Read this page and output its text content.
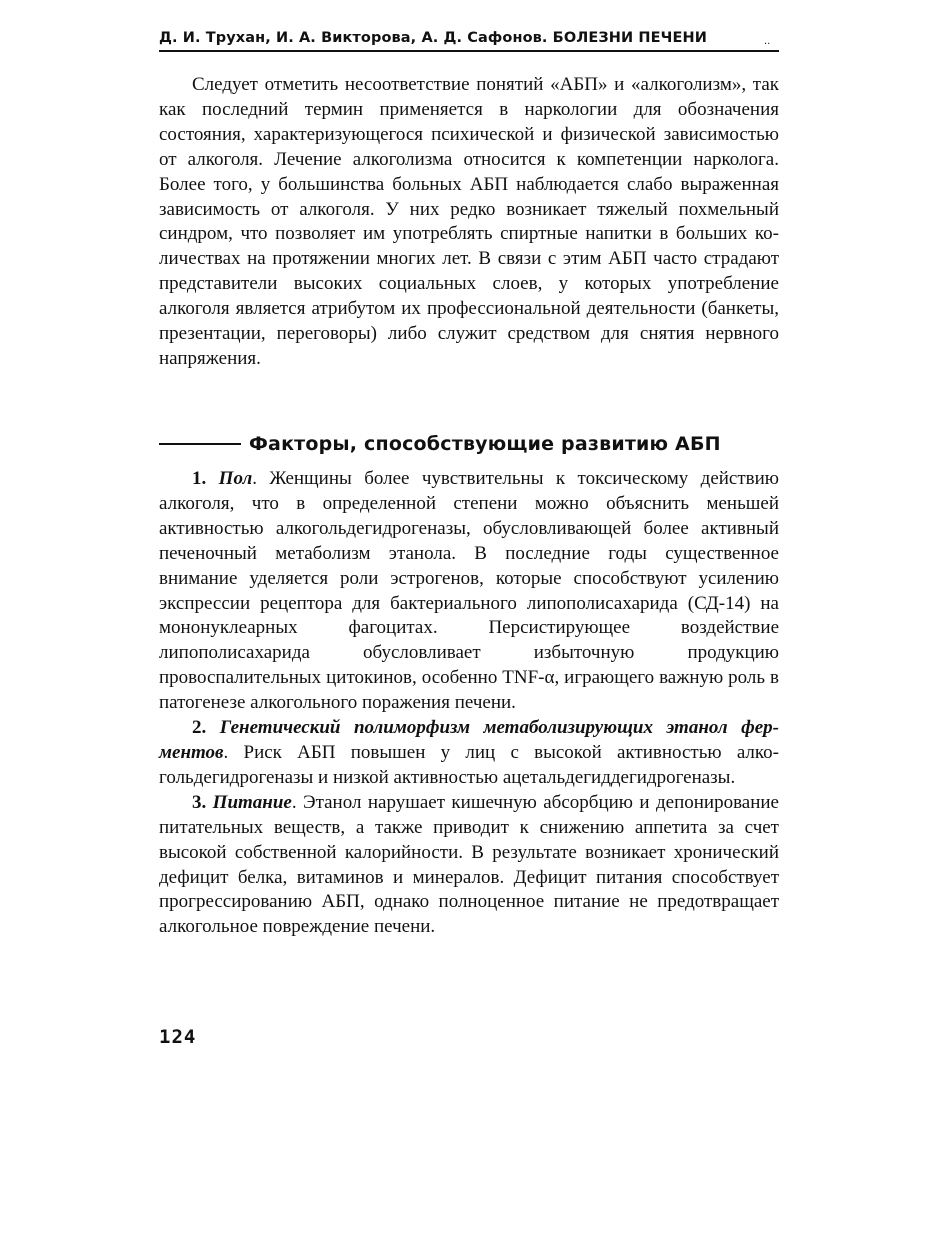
Д. И. Трухан, И. А. Викторова, А. Д. Сафонов. БОЛЕЗНИ ПЕЧЕНИ	..

Следует отметить несоответствие понятий «АБП» и «алкоголизм», так как последний термин применяется в наркологии для обозначения состояния, характеризующегося психической и физической зависимостью от алкоголя. Лечение алкоголизма относится к компетенции нарколога. Более того, у большинства больных АБП наблюдается слабо выраженная зависимость от алкоголя. У них редко возникает тяжелый похмельный синдром, что позволяет им употреблять спиртные напитки в больших количествах на протяжении многих лет. В связи с этим АБП часто страдают представители высоких социальных слоев, у которых употребление алкоголя является атрибутом их профессиональной деятельности (банкеты, презентации, переговоры) либо служит средством для снятия нервного напряжения.

Факторы, способствующие развитию АБП

1. Пол. Женщины более чувствительны к токсическому действию алкоголя, что в определенной степени можно объяснить меньшей активностью алкогольдегидрогеназы, обусловливающей более активный печеночный метаболизм этанола. В последние годы существенное внимание уделяется роли эстрогенов, которые способствуют усилению экспрессии рецептора для бактериального липополисахарида (СД-14) на мононуклеарных фагоцитах. Персистирующее воздействие липополисахарида обусловливает избыточную продукцию провоспалительных цитокинов, особенно TNF-α, играющего важную роль в патогенезе алкогольного поражения печени.

2. Генетический полиморфизм метаболизирующих этанол ферментов. Риск АБП повышен у лиц с высокой активностью алкогольдегидрогеназы и низкой активностью ацетальдегиддегидрогеназы.

3. Питание. Этанол нарушает кишечную абсорбцию и депонирование питательных веществ, а также приводит к снижению аппетита за счет высокой собственной калорийности. В результате возникает хронический дефицит белка, витаминов и минералов. Дефицит питания способствует прогрессированию АБП, однако полноценное питание не предотвращает алкогольное повреждение печени.

124
